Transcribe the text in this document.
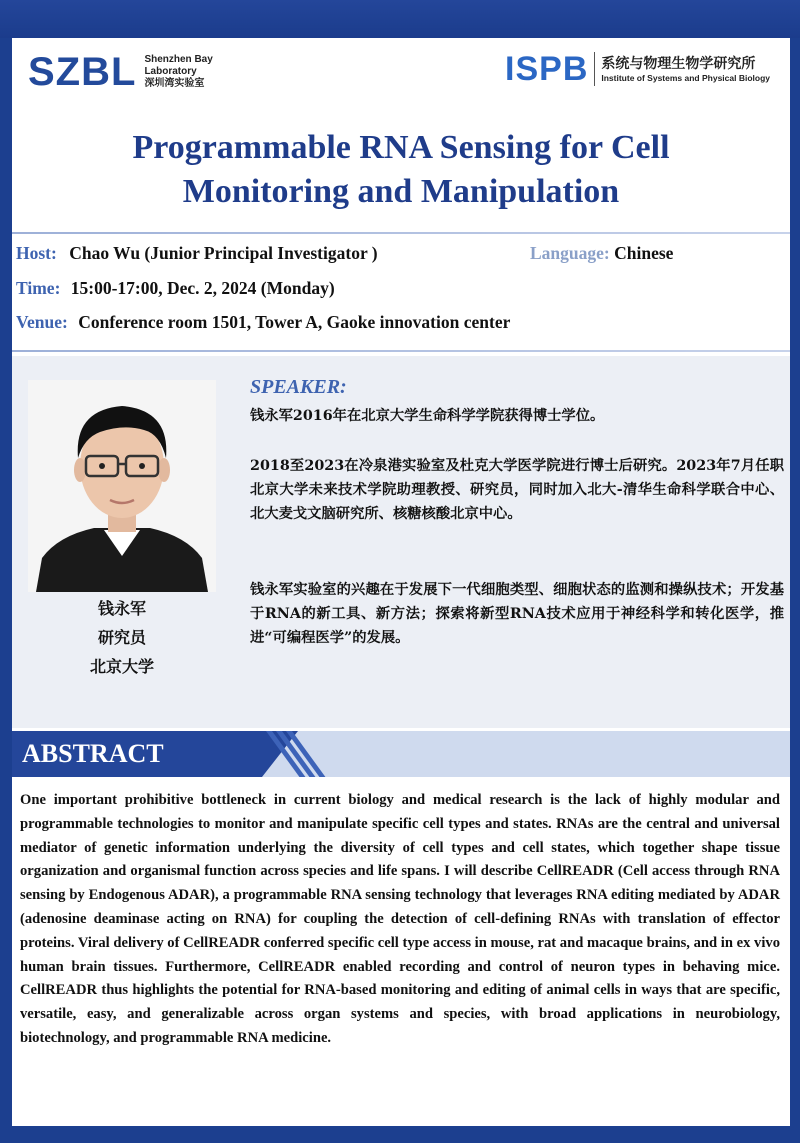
SZBL Shenzhen Bay
Laboratory
深圳湾实验室	ISPB 系统与物理生物学研究所
Institute of Systems and Physical Biology
Programmable RNA Sensing for Cell
Monitoring and Manipulation
Host: Chao Wu (Junior Principal Investigator )	Language: Chinese
Time: 15:00-17:00, Dec. 2, 2024 (Monday)
Venue: Conference room 1501, Tower A, Gaoke innovation center
钱永军
研究员
北京大学
SPEAKER:
钱永军2016年在北京大学生命科学学院获得博士学位。
2018至2023在冷泉港实验室及杜克大学医学院进行博士后研究。2023年7月任职北京大学未来技术学院助理教授、研究员，同时加入北大-清华生命科学联合中心、北大麦戈文脑研究所、核糖核酸北京中心。
钱永军实验室的兴趣在于发展下一代细胞类型、细胞状态的监测和操纵技术；开发基于RNA的新工具、新方法；探索将新型RNA技术应用于神经科学和转化医学，推进“可编程医学”的发展。
ABSTRACT
One important prohibitive bottleneck in current biology and medical research is the lack of highly modular and programmable technologies to monitor and manipulate specific cell types and states. RNAs are the central and universal mediator of genetic information underlying the diversity of cell types and cell states, which together shape tissue organization and organismal function across species and life spans. I will describe CellREADR (Cell access through RNA sensing by Endogenous ADAR), a programmable RNA sensing technology that leverages RNA editing mediated by ADAR (adenosine deaminase acting on RNA) for coupling the detection of cell-defining RNAs with translation of effector proteins. Viral delivery of CellREADR conferred specific cell type access in mouse, rat and macaque brains, and in ex vivo human brain tissues. Furthermore, CellREADR enabled recording and control of neuron types in behaving mice. CellREADR thus highlights the potential for RNA-based monitoring and editing of animal cells in ways that are specific, versatile, easy, and generalizable across organ systems and species, with broad applications in neurobiology, biotechnology, and programmable RNA medicine.
